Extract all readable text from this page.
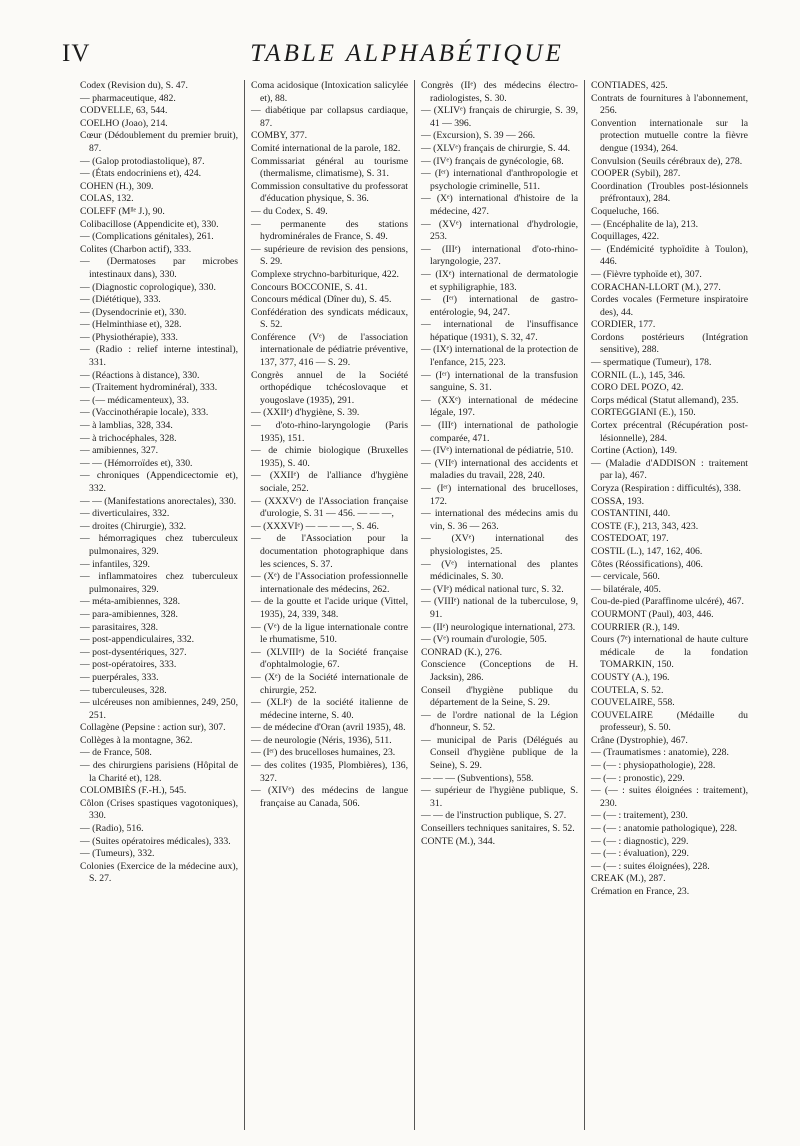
IV	TABLE ALPHABÉTIQUE

Codex (Revision du), S. 47.

— pharmaceutique, 482.

CODVELLE, 63, 544.

COELHO (Joao), 214.

Cœur (Dédoublement du premier bruit), 87.

— (Galop protodiastolique), 87.

— (États endocriniens et), 424.

COHEN (H.), 309.

COLAS, 132.

COLEFF (Mˡˡᵉ J.), 90.

Colibacillose (Appendicite et), 330.

— (Complications génitales), 261.

Colites (Charbon actif), 333.

— (Dermatoses par microbes intestinaux dans), 330.

— (Diagnostic coprologique), 330.

— (Diététique), 333.

— (Dysendocrinie et), 330.

— (Helminthiase et), 328.

— (Physiothérapie), 333.

— (Radio : relief interne intestinal), 331.

— (Réactions à distance), 330.

— (Traitement hydrominéral), 333.

— (— médicamenteux), 33.

— (Vaccinothérapie locale), 333.

— à lamblias, 328, 334.

— à trichocéphales, 328.

— amibiennes, 327.

— — (Hémorroïdes et), 330.

— chroniques (Appendicectomie et), 332.

— — (Manifestations anorectales), 330.

— diverticulaires, 332.

— droites (Chirurgie), 332.

— hémorragiques chez tuberculeux pulmonaires, 329.

— infantiles, 329.

— inflammatoires chez tuberculeux pulmonaires, 329.

— méta-amibiennes, 328.

— para-amibiennes, 328.

— parasitaires, 328.

— post-appendiculaires, 332.

— post-dysentériques, 327.

— post-opératoires, 333.

— puerpérales, 333.

— tuberculeuses, 328.

— ulcéreuses non amibiennes, 249, 250, 251.

Collagène (Pepsine : action sur), 307.

Collèges à la montagne, 362.

— de France, 508.

— des chirurgiens parisiens (Hôpital de la Charité et), 128.

COLOMBIÈS (F.-H.), 545.

Côlon (Crises spastiques vagotoniques), 330.

— (Radio), 516.

— (Suites opératoires médicales), 333.

— (Tumeurs), 332.

Colonies (Exercice de la médecine aux), S. 27.

Coma acidosique (Intoxication salicylée et), 88.

— diabétique par collapsus cardiaque, 87.

COMBY, 377.

Comité international de la parole, 182.

Commissariat général au tourisme (thermalisme, climatisme), S. 31.

Commission consultative du professorat d'éducation physique, S. 36.

— du Codex, S. 49.

— permanente des stations hydrominérales de France, S. 49.

— supérieure de revision des pensions, S. 29.

Complexe strychno-barbiturique, 422.

Concours BOCCONIE, S. 41.

Concours médical (Dîner du), S. 45.

Confédération des syndicats médicaux, S. 52.

Conférence (Vᵉ) de l'association internationale de pédiatrie préventive, 137, 377, 416 — S. 29.

Congrès annuel de la Société orthopédique tchécoslovaque et yougoslave (1935), 291.

— (XXIIᵉ) d'hygiène, S. 39.

— d'oto-rhino-laryngologie (Paris 1935), 151.

— de chimie biologique (Bruxelles 1935), S. 40.

— (XXIIᵉ) de l'alliance d'hygiène sociale, 252.

— (XXXVᵉ) de l'Association française d'urologie, S. 31 — 456. — — —,

— (XXXVIᵉ) — — — —, S. 46.

— de l'Association pour la documentation photographique dans les sciences, S. 37.

— (Xᵉ) de l'Association professionnelle internationale des médecins, 262.

— de la goutte et l'acide urique (Vittel, 1935), 24, 339, 348.

— (Vᵉ) de la ligue internationale contre le rhumatisme, 510.

— (XLVIIIᵉ) de la Société française d'ophtalmologie, 67.

— (Xᵉ) de la Société internationale de chirurgie, 252.

— (XLIᵉ) de la société italienne de médecine interne, S. 40.

— de médecine d'Oran (avril 1935), 48.

— de neurologie (Néris, 1936), 511.

— (Iᵉʳ) des brucelloses humaines, 23.

— des colites (1935, Plombières), 136, 327.

— (XIVᵉ) des médecins de langue française au Canada, 506.

Congrès (IIᵉ) des médecins électro-radiologistes, S. 30.

— (XLIVᵉ) français de chirurgie, S. 39, 41 — 396.

— (Excursion), S. 39 — 266.

— (XLVᵉ) français de chirurgie, S. 44.

— (IVᵉ) français de gynécologie, 68.

— (Iᵉʳ) international d'anthropologie et psychologie criminelle, 511.

— (Xᵉ) international d'histoire de la médecine, 427.

— (XVᵉ) international d'hydrologie, 253.

— (IIIᵉ) international d'oto-rhino-laryngologie, 237.

— (IXᵉ) international de dermatologie et syphiligraphie, 183.

— (Iᵉʳ) international de gastro-entérologie, 94, 247.

— international de l'insuffisance hépatique (1931), S. 32, 47.

— (IXᵉ) international de la protection de l'enfance, 215, 223.

— (Iᵉʳ) international de la transfusion sanguine, S. 31.

— (XXᵉ) international de médecine légale, 197.

— (IIIᵉ) international de pathologie comparée, 471.

— (IVᵉ) international de pédiatrie, 510.

— (VIIᵉ) international des accidents et maladies du travail, 228, 240.

— (Iᵉʳ) international des brucelloses, 172.

— international des médecins amis du vin, S. 36 — 263.

— (XVᵉ) international des physiologistes, 25.

— (Vᵉ) international des plantes médicinales, S. 30.

— (VIᵉ) médical national turc, S. 32.

— (VIIIᵉ) national de la tuberculose, 9, 91.

— (IIᵉ) neurologique international, 273.

— (Vᵉ) roumain d'urologie, 505.

CONRAD (K.), 276.

Conscience (Conceptions de H. Jacksin), 286.

Conseil d'hygiène publique du département de la Seine, S. 29.

— de l'ordre national de la Légion d'honneur, S. 52.

— municipal de Paris (Délégués au Conseil d'hygiène publique de la Seine), S. 29.

— — — (Subventions), 558.

— supérieur de l'hygiène publique, S. 31.

— — de l'instruction publique, S. 27.

Conseillers techniques sanitaires, S. 52.

CONTE (M.), 344.

CONTIADES, 425.

Contrats de fournitures à l'abonnement, 256.

Convention internationale sur la protection mutuelle contre la fièvre dengue (1934), 264.

Convulsion (Seuils cérébraux de), 278.

COOPER (Sybil), 287.

Coordination (Troubles post-lésionnels préfrontaux), 284.

Coqueluche, 166.

— (Encéphalite de la), 213.

Coquillages, 422.

— (Endémicité typhoïdite à Toulon), 446.

— (Fièvre typhoïde et), 307.

CORACHAN-LLORT (M.), 277.

Cordes vocales (Fermeture inspiratoire des), 44.

CORDIER, 177.

Cordons postérieurs (Intégration sensitive), 288.

— spermatique (Tumeur), 178.

CORNIL (L.), 145, 346.

CORO DEL POZO, 42.

Corps médical (Statut allemand), 235.

CORTEGGIANI (E.), 150.

Cortex précentral (Récupération post-lésionnelle), 284.

Cortine (Action), 149.

— (Maladie d'ADDISON : traitement par la), 467.

Coryza (Respiration : difficultés), 338.

COSSA, 193.

COSTANTINI, 440.

COSTE (F.), 213, 343, 423.

COSTEDOAT, 197.

COSTIL (L.), 147, 162, 406.

Côtes (Réossifications), 406.

— cervicale, 560.

— bilatérale, 405.

Cou-de-pied (Paraffinome ulcéré), 467.

COURMONT (Paul), 403, 446.

COURRIER (R.), 149.

Cours (7ᵉ) international de haute culture médicale de la fondation TOMARKIN, 150.

COUSTY (A.), 196.

COUTELA, S. 52.

COUVELAIRE, 558.

COUVELAIRE (Médaille du professeur), S. 50.

Crâne (Dystrophie), 467.

— (Traumatismes : anatomie), 228.

— (— : physiopathologie), 228.

— (— : pronostic), 229.

— (— : suites éloignées : traitement), 230.

— (— : traitement), 230.

— (— : anatomie pathologique), 228.

— (— : diagnostic), 229.

— (— : évaluation), 229.

— (— : suites éloignées), 228.

CREAK (M.), 287.

Crémation en France, 23.
